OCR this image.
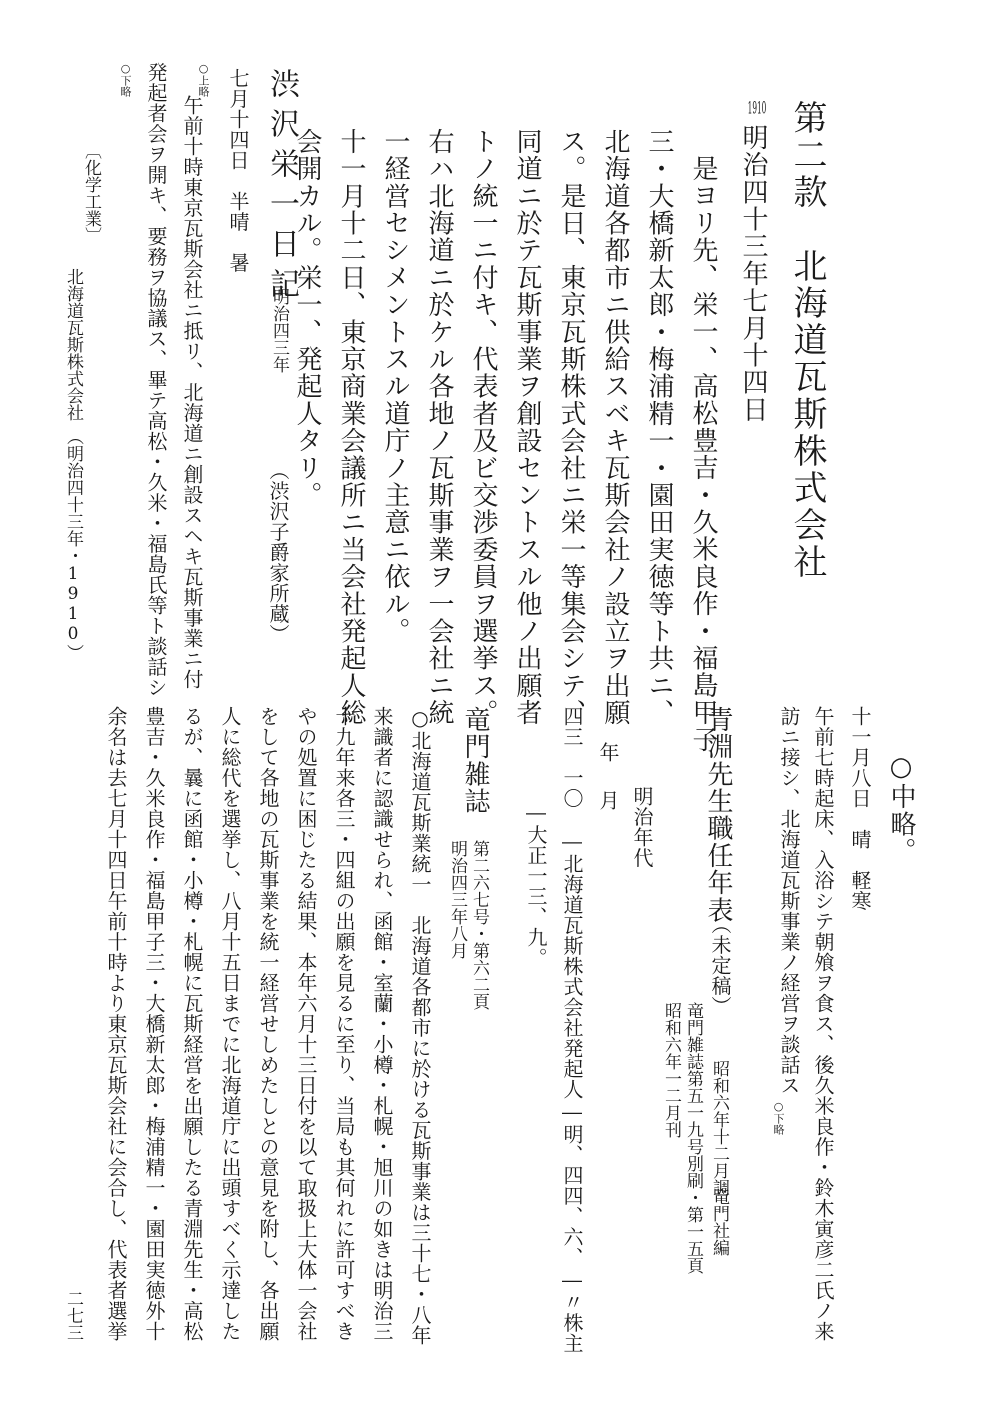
第二款　北海道瓦斯株式会社
1910
明治四十三年七月十四日
是ヨリ先、栄一、高松豊吉・久米良作・福島甲子
三・大橋新太郎・梅浦精一・園田実徳等ト共ニ、
北海道各都市ニ供給スベキ瓦斯会社ノ設立ヲ出願
ス。是日、東京瓦斯株式会社ニ栄一等集会シテ、
同道ニ於テ瓦斯事業ヲ創設セントスル他ノ出願者
トノ統一ニ付キ、代表者及ビ交渉委員ヲ選挙ス。
右ハ北海道ニ於ケル各地ノ瓦斯事業ヲ一会社ニ統
一経営セシメントスル道庁ノ主意ニ依ル。
十一月十二日、東京商業会議所ニ当会社発起人総
会開カル。栄一、発起人タリ。
渋沢栄一日記
明治四三年
（渋沢子爵家所蔵）
七月十四日　半晴　暑
○上略
午前十時東京瓦斯会社ニ抵リ、北海道ニ創設スヘキ瓦斯事業ニ付
発起者会ヲ開キ、要務ヲ協議ス、畢テ高松・久米・福島氏等ト談話シ
○下略
〔化学工業〕
北海道瓦斯株式会社
（明治四十三年・1910）
○中略。
十一月八日　晴　軽寒
午前七時起床、入浴シテ朝飧ヲ食ス、後久米良作・鈴木寅彦二氏ノ来
訪ニ接シ、北海道瓦斯事業ノ経営ヲ談話ス
○下略
青淵先生職任年表
（未定稿）
昭和六年十二月調
竜門社編
竜門雑誌第五一九号別刷・第一五頁
昭和六年一二月刊
明治年代
年
月
四三　一〇　―北海道瓦斯株式会社発起人―明、四四、六、―〃株主
―大正一三、九。
竜門雑誌
第二六七号・第六二頁
明治四三年八月
○北海道瓦斯業統一　北海道各都市に於ける瓦斯事業は三十七・八年
来識者に認識せられ、函館・室蘭・小樽・札幌・旭川の如きは明治三
十九年来各三・四組の出願を見るに至り、当局も其何れに許可すべき
やの処置に困じたる結果、本年六月十三日付を以て取扱上大体一会社
をして各地の瓦斯事業を統一経営せしめたしとの意見を附し、各出願
人に総代を選挙し、八月十五日までに北海道庁に出頭すべく示達した
るが、曩に函館・小樽・札幌に瓦斯経営を出願したる青淵先生・高松
豊吉・久米良作・福島甲子三・大橋新太郎・梅浦精一・園田実徳外十
余名は去七月十四日午前十時より東京瓦斯会社に会合し、代表者選挙
二七三
